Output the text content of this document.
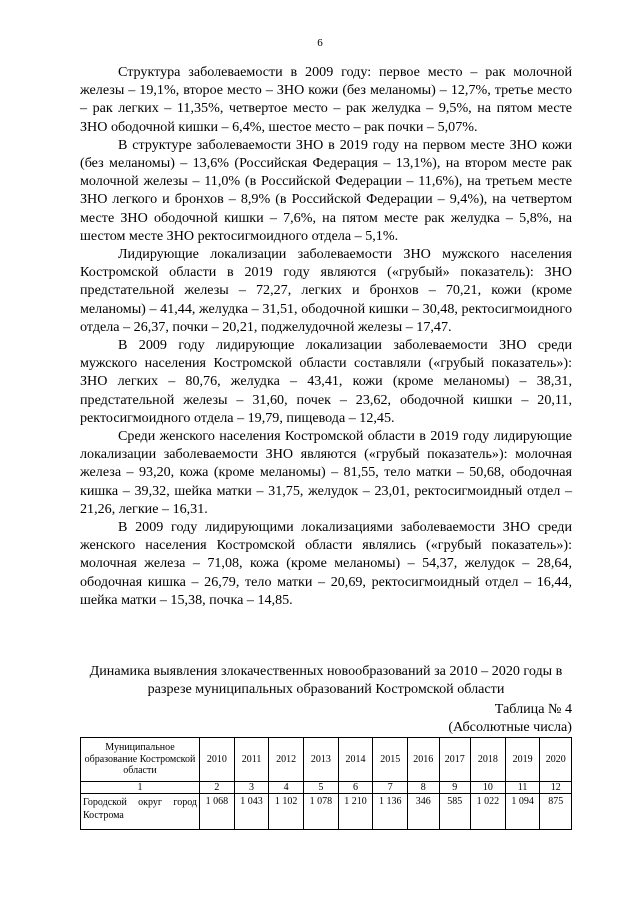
6

Структура заболеваемости в 2009 году: первое место – рак молочной железы – 19,1%, второе место – ЗНО кожи (без меланомы) – 12,7%, третье место – рак легких – 11,35%, четвертое место – рак желудка – 9,5%, на пятом месте ЗНО ободочной кишки – 6,4%, шестое место – рак почки – 5,07%.

В структуре заболеваемости ЗНО в 2019 году на первом месте ЗНО кожи (без меланомы) – 13,6% (Российская Федерация – 13,1%), на втором месте рак молочной железы – 11,0% (в Российской Федерации – 11,6%), на третьем месте ЗНО легкого и бронхов – 8,9% (в Российской Федерации – 9,4%), на четвертом месте ЗНО ободочной кишки – 7,6%, на пятом месте рак желудка – 5,8%, на шестом месте ЗНО ректосигмоидного отдела – 5,1%.

Лидирующие локализации заболеваемости ЗНО мужского населения Костромской области в 2019 году являются («грубый» показатель): ЗНО предстательной железы – 72,27, легких и бронхов – 70,21, кожи (кроме меланомы) – 41,44, желудка – 31,51, ободочной кишки – 30,48, ректосигмоидного отдела – 26,37, почки – 20,21, поджелудочной железы – 17,47.

В 2009 году лидирующие локализации заболеваемости ЗНО среди мужского населения Костромской области составляли («грубый показатель»): ЗНО легких – 80,76, желудка – 43,41, кожи (кроме меланомы) – 38,31, предстательной железы – 31,60, почек – 23,62, ободочной кишки – 20,11, ректосигмоидного отдела – 19,79, пищевода – 12,45.

Среди женского населения Костромской области в 2019 году лидирующие локализации заболеваемости ЗНО являются («грубый показатель»): молочная железа – 93,20, кожа (кроме меланомы) – 81,55, тело матки – 50,68, ободочная кишка – 39,32, шейка матки – 31,75, желудок – 23,01, ректосигмоидный отдел – 21,26, легкие – 16,31.

В 2009 году лидирующими локализациями заболеваемости ЗНО среди женского населения Костромской области являлись («грубый показатель»): молочная железа – 71,08, кожа (кроме меланомы) – 54,37, желудок – 28,64, ободочная кишка – 26,79, тело матки – 20,69, ректосигмоидный отдел – 16,44, шейка матки – 15,38, почка – 14,85.

Динамика выявления злокачественных новообразований за 2010 – 2020 годы в разрезе муниципальных образований Костромской области
Таблица № 4
(Абсолютные числа)
Муниципальное образование Костромской области	2010	2011	2012	2013	2014	2015	2016	2017	2018	2019	2020
1	2	3	4	5	6	7	8	9	10	11	12
Городской округ город Кострома	1 068	1 043	1 102	1 078	1 210	1 136	346	585	1 022	1 094	875
